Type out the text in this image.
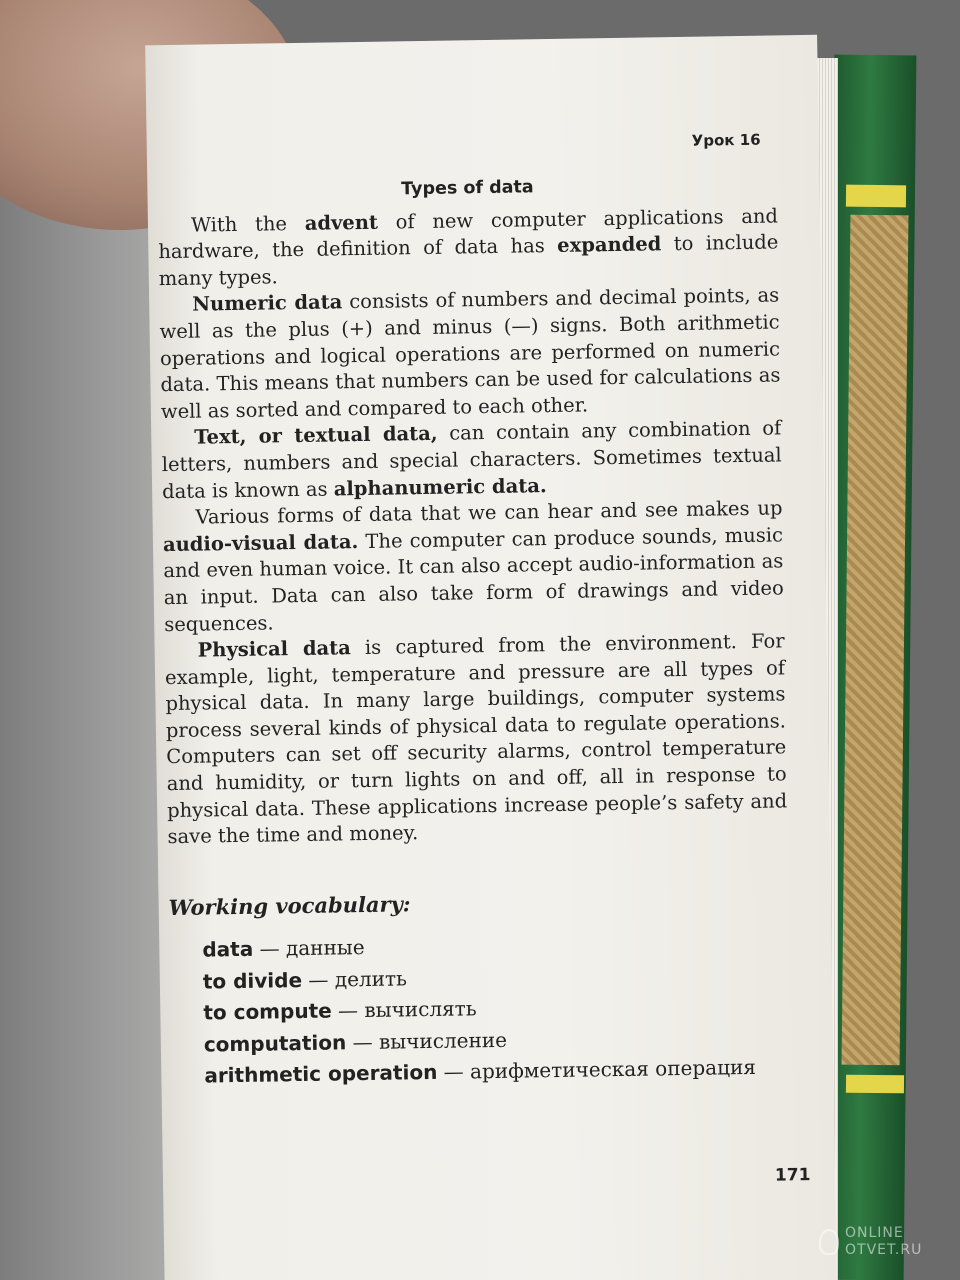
Урок 16
Types of data

With the advent of new computer applications and hardware, the definition of data has expanded to include many types.

Numeric data consists of numbers and decimal points, as well as the plus (+) and minus (—) signs. Both arithmetic operations and logical operations are performed on numeric data. This means that numbers can be used for calculations as well as sorted and compared to each other.

Text, or textual data, can contain any combination of letters, numbers and special characters. Sometimes textual data is known as alphanumeric data.

Various forms of data that we can hear and see makes up audio-visual data. The computer can produce sounds, music and even human voice. It can also accept audio-information as an input. Data can also take form of drawings and video sequences.

Physical data is captured from the environment. For example, light, temperature and pressure are all types of physical data. In many large buildings, computer systems process several kinds of physical data to regulate operations. Computers can set off security alarms, control temperature and humidity, or turn lights on and off, all in response to physical data. These applications increase people’s safety and save the time and money.

Working vocabulary:
data — данные
to divide — делить
to compute — вычислять
computation — вычисление
arithmetic operation — арифметическая операция
171
ONLINE
OTVET.RU
